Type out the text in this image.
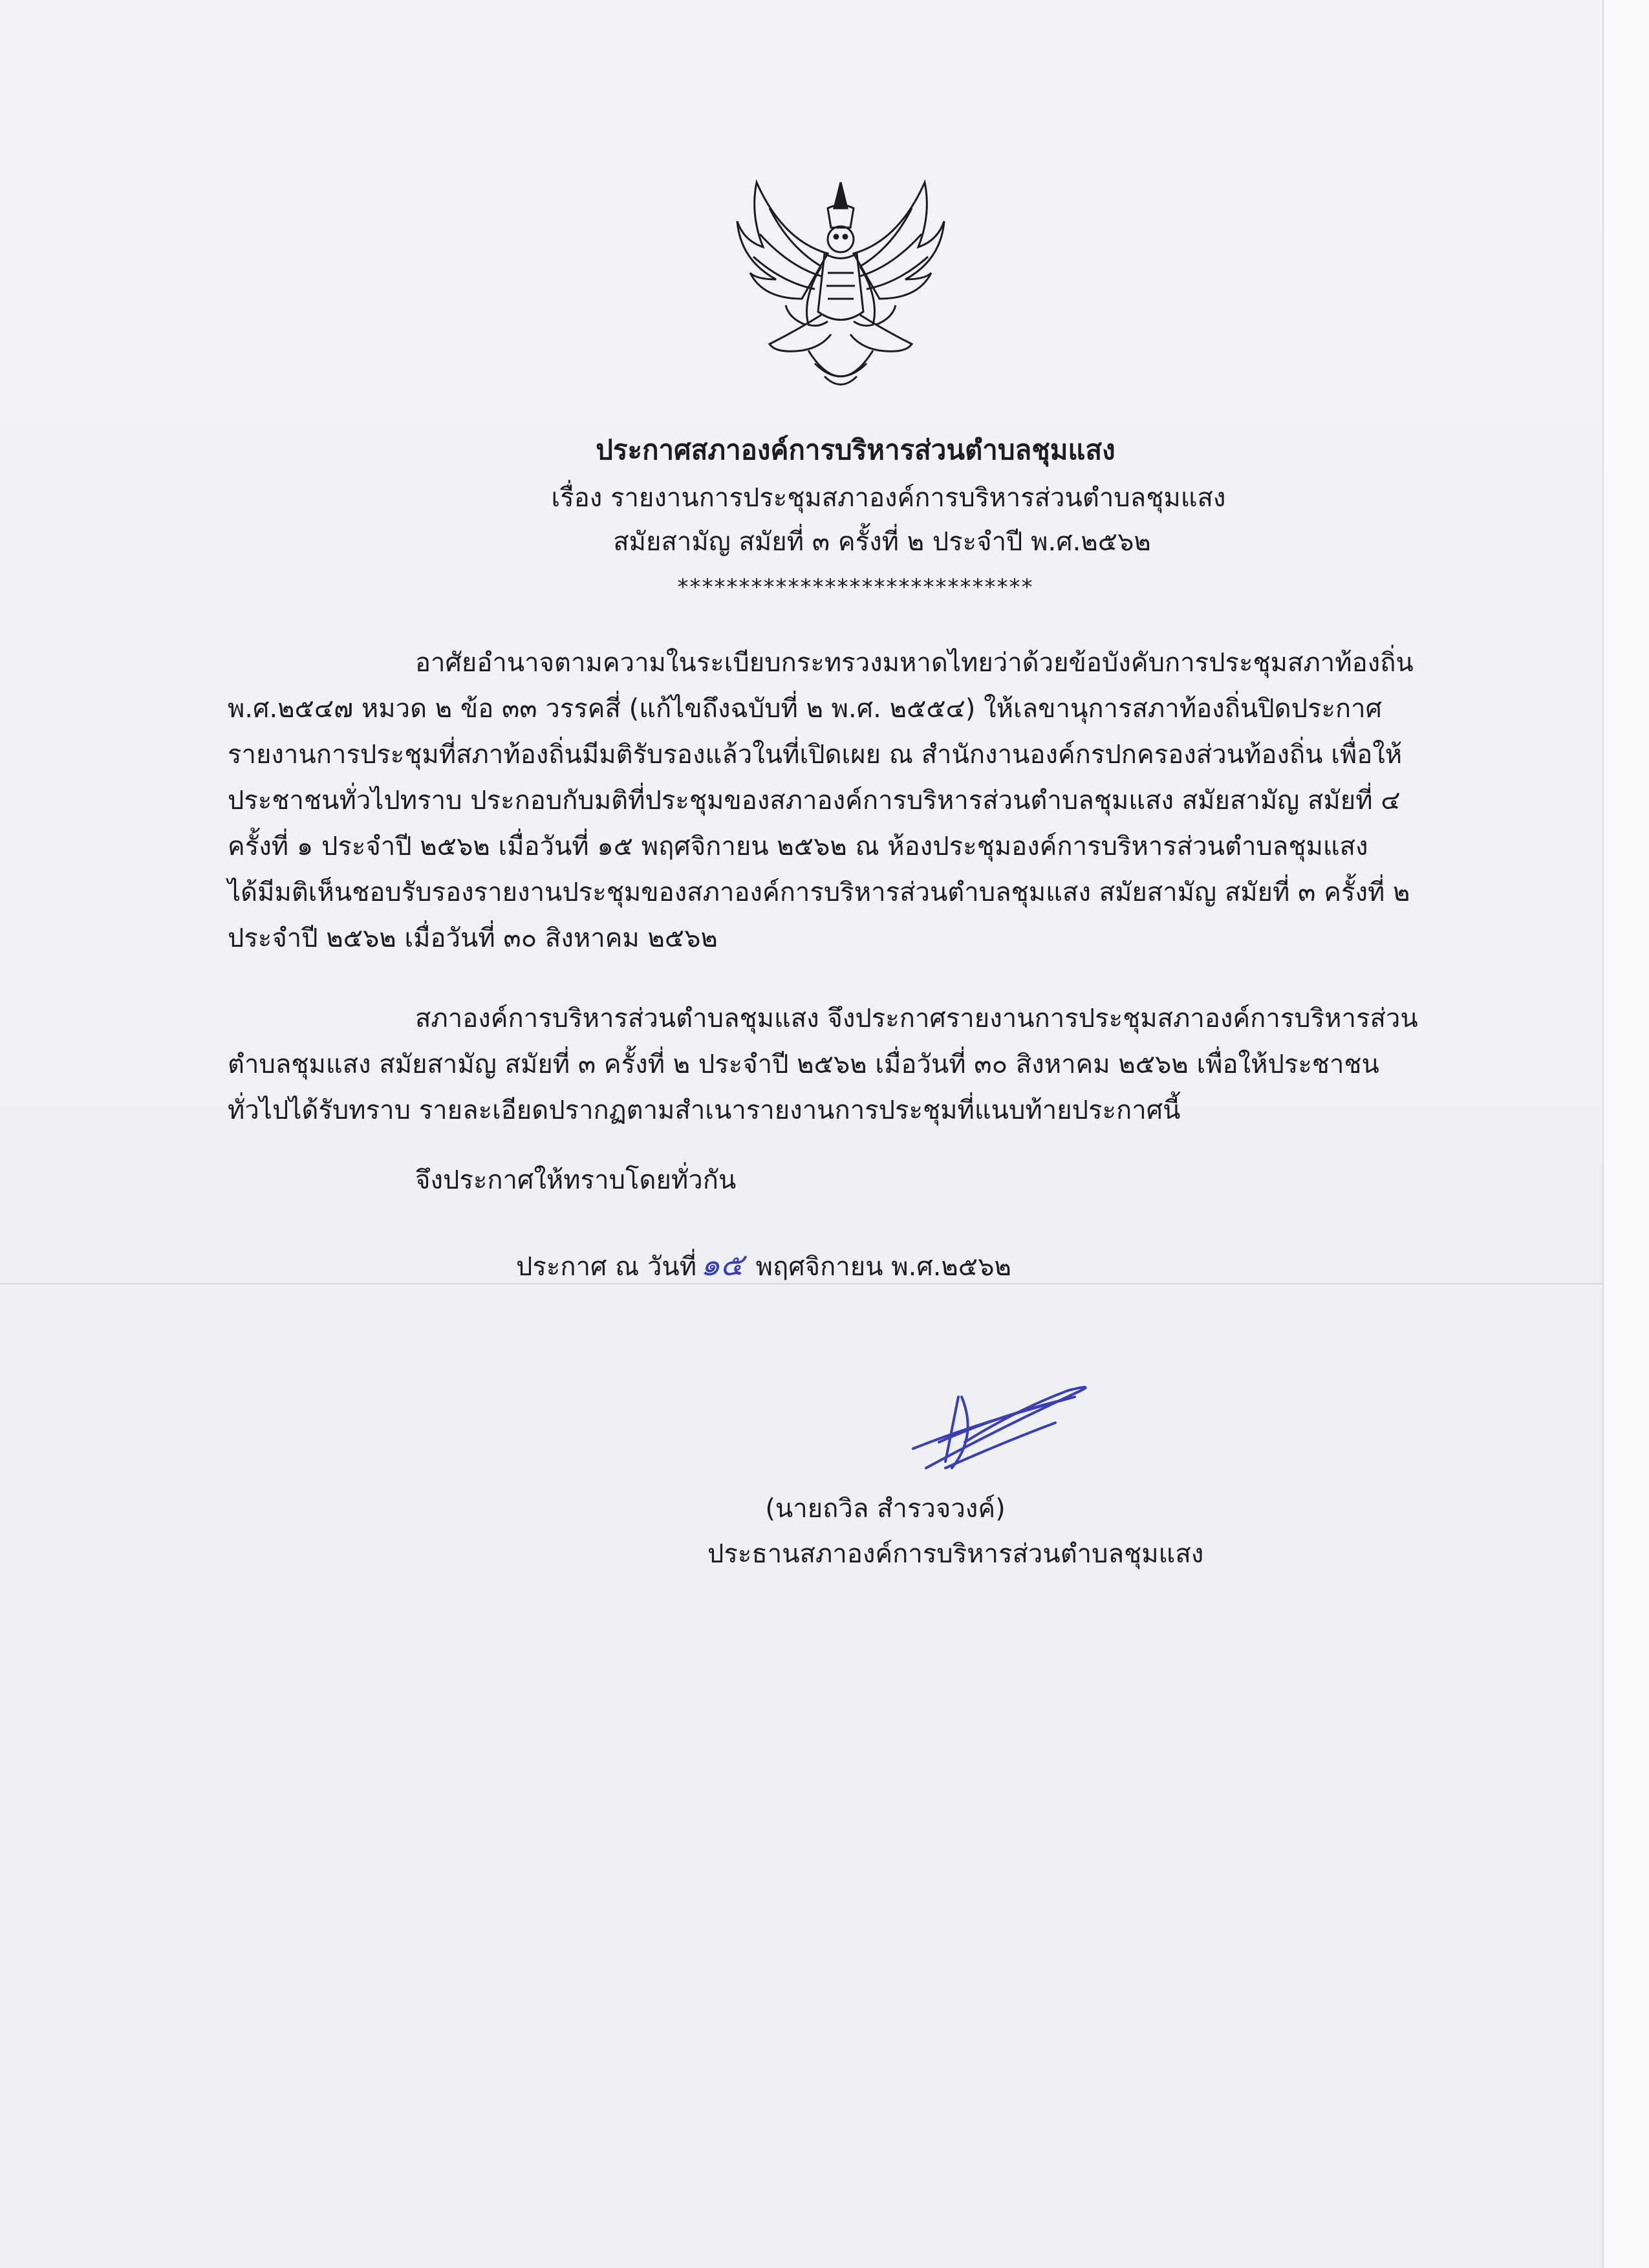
ประกาศสภาองค์การบริหารส่วนตำบลชุมแสง
เรื่อง รายงานการประชุมสภาองค์การบริหารส่วนตำบลชุมแสง
สมัยสามัญ สมัยที่ ๓ ครั้งที่ ๒ ประจำปี พ.ศ.๒๕๖๒
*****************************
อาศัยอำนาจตามความในระเบียบกระทรวงมหาดไทยว่าด้วยข้อบังคับการประชุมสภาท้องถิ่น
พ.ศ.๒๕๔๗ หมวด ๒ ข้อ ๓๓ วรรคสี่ (แก้ไขถึงฉบับที่ ๒ พ.ศ. ๒๕๕๔) ให้เลขานุการสภาท้องถิ่นปิดประกาศ
รายงานการประชุมที่สภาท้องถิ่นมีมติรับรองแล้วในที่เปิดเผย ณ สำนักงานองค์กรปกครองส่วนท้องถิ่น เพื่อให้
ประชาชนทั่วไปทราบ ประกอบกับมติที่ประชุมของสภาองค์การบริหารส่วนตำบลชุมแสง สมัยสามัญ สมัยที่ ๔
ครั้งที่ ๑ ประจำปี ๒๕๖๒ เมื่อวันที่ ๑๕ พฤศจิกายน ๒๕๖๒ ณ ห้องประชุมองค์การบริหารส่วนตำบลชุมแสง
ได้มีมติเห็นชอบรับรองรายงานประชุมของสภาองค์การบริหารส่วนตำบลชุมแสง สมัยสามัญ สมัยที่ ๓ ครั้งที่ ๒
ประจำปี ๒๕๖๒ เมื่อวันที่ ๓๐ สิงหาคม ๒๕๖๒
สภาองค์การบริหารส่วนตำบลชุมแสง จึงประกาศรายงานการประชุมสภาองค์การบริหารส่วน
ตำบลชุมแสง สมัยสามัญ สมัยที่ ๓ ครั้งที่ ๒ ประจำปี ๒๕๖๒ เมื่อวันที่ ๓๐ สิงหาคม ๒๕๖๒ เพื่อให้ประชาชน
ทั่วไปได้รับทราบ รายละเอียดปรากฏตามสำเนารายงานการประชุมที่แนบท้ายประกาศนี้
จึงประกาศให้ทราบโดยทั่วกัน
ประกาศ ณ วันที่ ๑๕ พฤศจิกายน พ.ศ.๒๕๖๒
(นายถวิล สำรวจวงค์)
ประธานสภาองค์การบริหารส่วนตำบลชุมแสง
